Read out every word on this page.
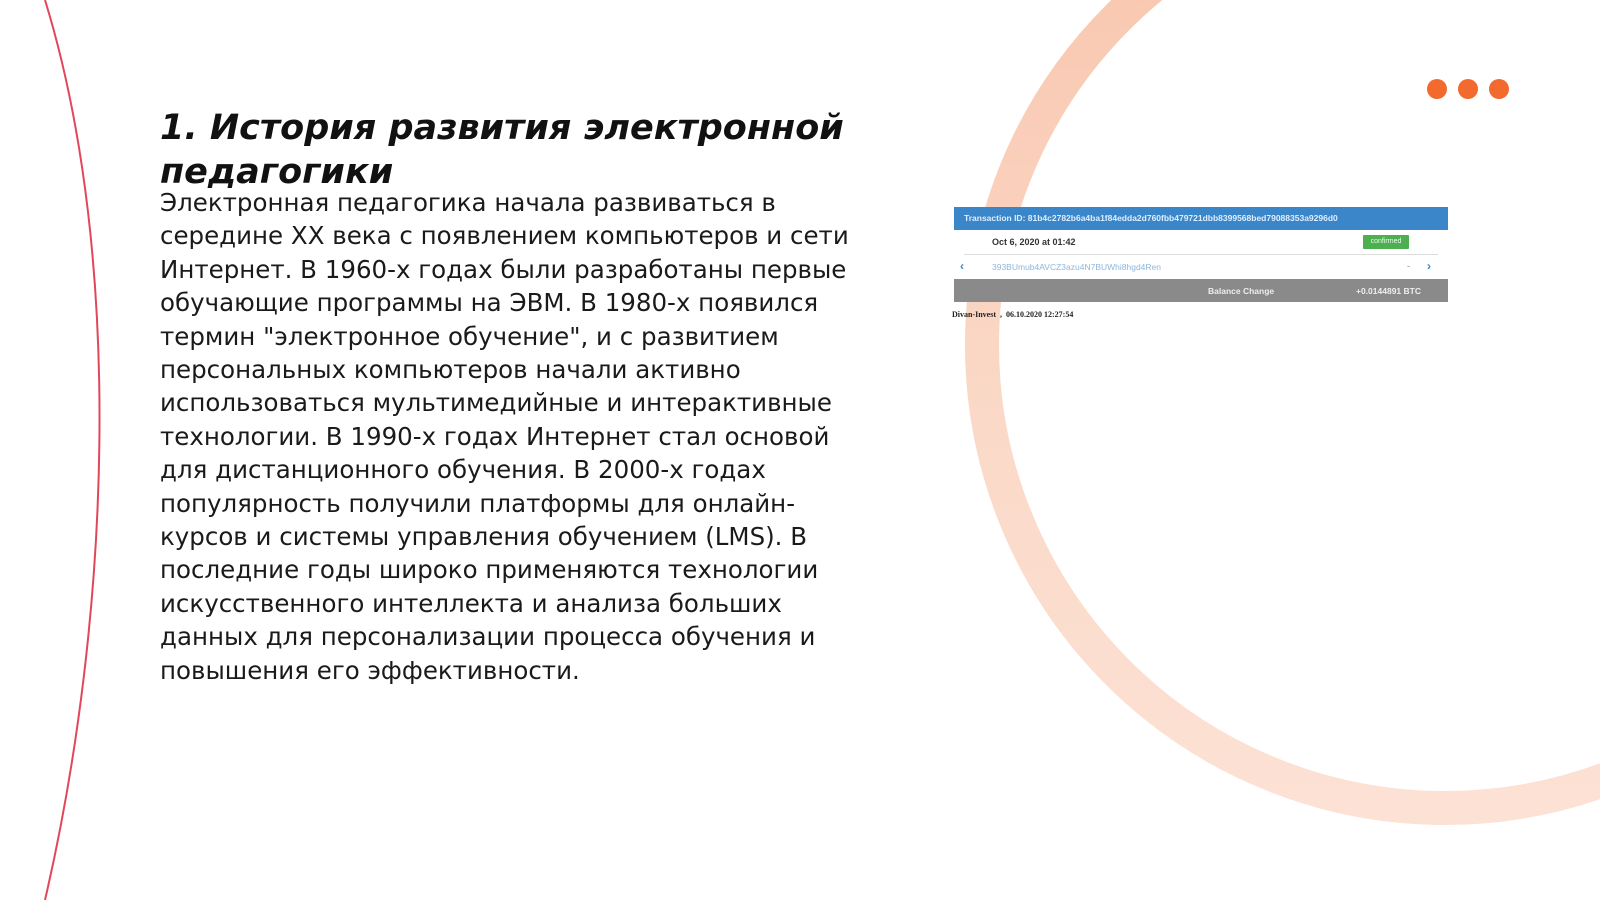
1. История развития электронной педагогики

Электронная педагогика начала развиваться в середине XX века с появлением компьютеров и сети Интернет. В 1960-х годах были разработаны первые обучающие программы на ЭВМ. В 1980-х появился термин "электронное обучение", и с развитием персональных компьютеров начали активно использоваться мультимедийные и интерактивные технологии. В 1990-х годах Интернет стал основой для дистанционного обучения. В 2000-х годах популярность получили платформы для онлайн-курсов и системы управления обучением (LMS). В последние годы широко применяются технологии искусственного интеллекта и анализа больших данных для персонализации процесса обучения и повышения его эффективности.

Transaction ID: 81b4c2782b6a4ba1f84edda2d760fbb479721dbb8399568bed79088353a9296d0
Oct 6, 2020 at 01:42	confirmed
‹	393BUmub4AVCZ3azu4N7BUWhi8hgd4Ren	- ›
Balance Change	+0.0144891 BTC
Divan-Invest , 06.10.2020 12:27:54
